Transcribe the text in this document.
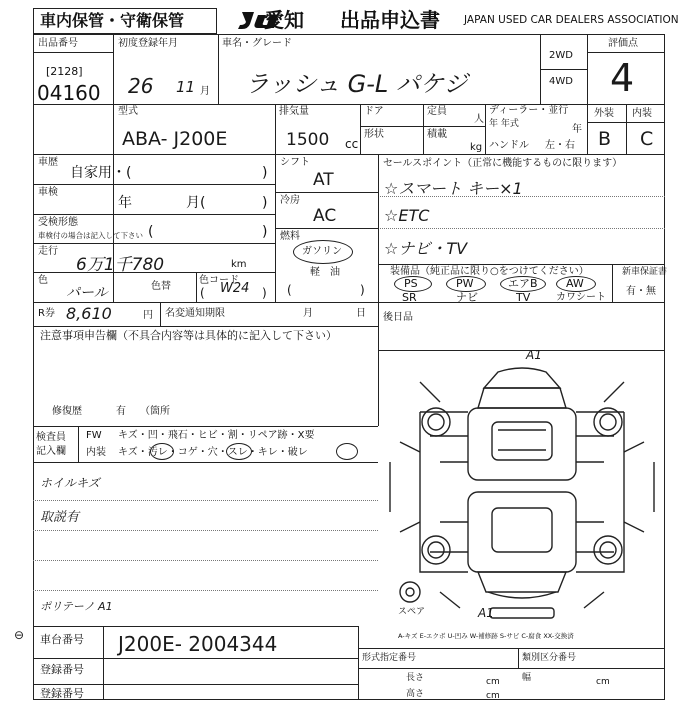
車内保管・守衛保管	愛知 出品申込書 JAPAN USED CAR DEALERS ASSOCIATION
出品番号
[2128]
04160
初度登録年月
26 11 月
車名・グレード
ラッシュ G-L パケジ
2WD
4WD
評価点
4
型式
ABA- J200E
排気量
1500 cc
ドア	定員
人
形状	積載
kg
ディーラー・並行
年 年式	年
ハンドル 左・右
外装 内装
B C
車歴
自家用・(	)
車検
年	月(	)
受検形態
車検付の場合は記入して下さい (	)
走行
6万1千780	km
色
パール	色替
色コード
W24
(	)
シフト
AT
冷房
AC
燃料
ガソリン
軽　油
(	)
セールスポイント（正常に機能するものに限ります）
☆スマート キー×1
☆ETC
☆ナビ・TV
装備品（純正品に限り○をつけてください）
PS	PW	エアB	AW
SR	ナビ	TV	カワシート
新車保証書
有・無
R券 8,610	円 名変通知期限	月	日 後日品
注意事項申告欄（不具合内容等は具体的に記入して下さい）
修復歴	有 （箇所
検査員
記入欄
FW キズ・凹・飛石・ヒビ・割・リペア跡・X要
内装 キズ・汚レ・コゲ・穴・スレ・キレ・破レ
ホイルキズ
取説有
ポリテーノ A1
A1
A1
スペア
A-キズ E-エクボ U-凹み W-補修跡 S-サビ C-腐食 XX-交換済
⊖ 車台番号 J200E- 2004344
登録番号
登録番号
形式指定番号	類別区分番号
長さ	cm 幅	cm
高さ	cm
